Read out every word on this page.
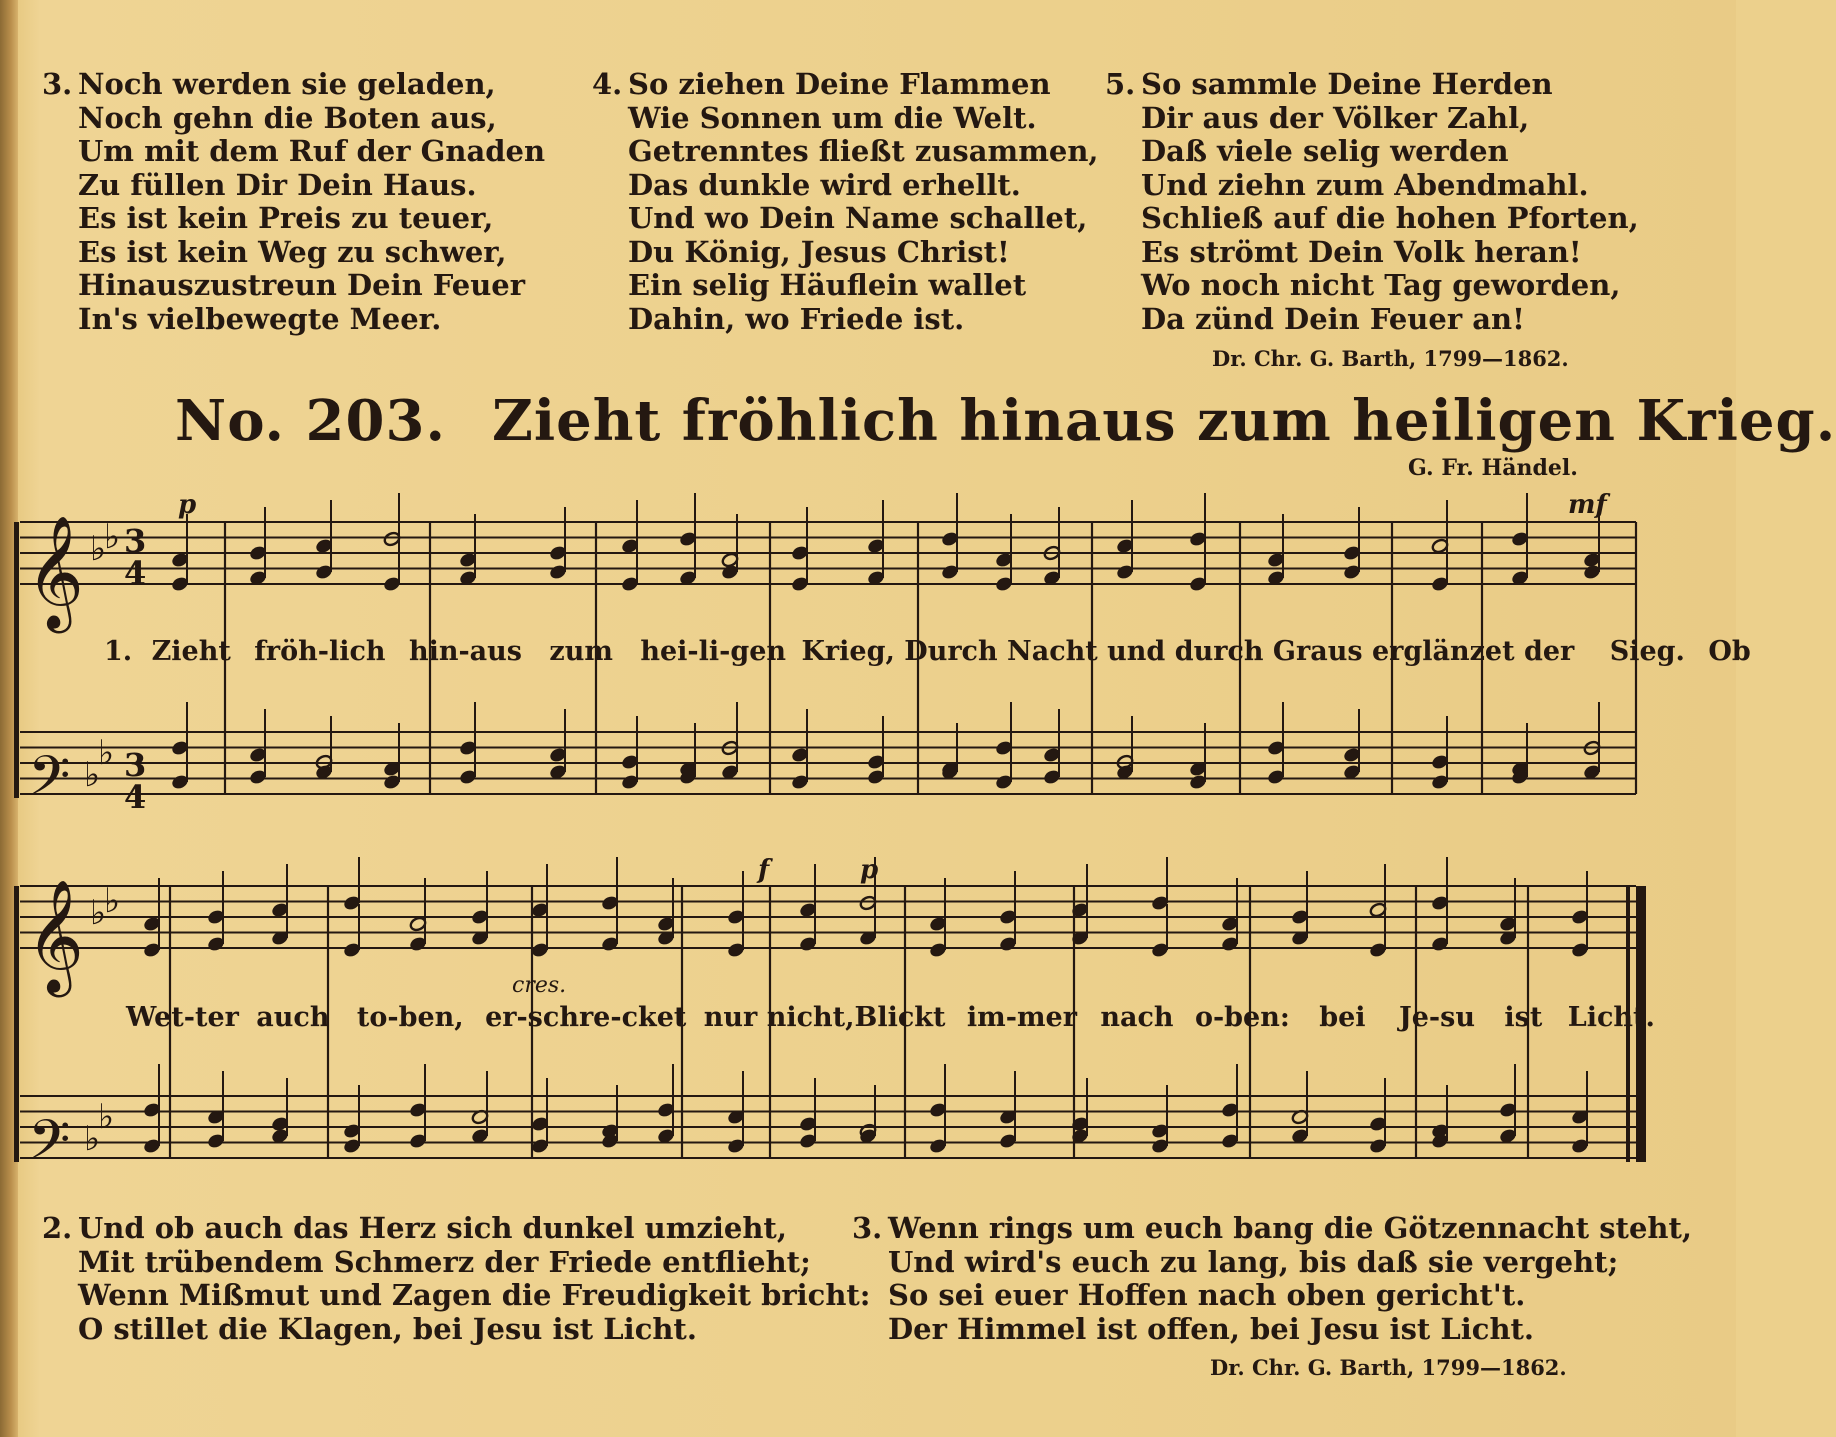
3. Noch werden sie geladen,
Noch gehn die Boten aus,
Um mit dem Ruf der Gnaden
Zu füllen Dir Dein Haus.
Es ist kein Preis zu teuer,
Es ist kein Weg zu schwer,
Hinauszustreun Dein Feuer
In's vielbewegte Meer.
4. So ziehen Deine Flammen
Wie Sonnen um die Welt.
Getrenntes fließt zusammen,
Das dunkle wird erhellt.
Und wo Dein Name schallet,
Du König, Jesus Christ!
Ein selig Häuflein wallet
Dahin, wo Friede ist.
5. So sammle Deine Herden
Dir aus der Völker Zahl,
Daß viele selig werden
Und ziehn zum Abendmahl.
Schließ auf die hohen Pforten,
Es strömt Dein Volk heran!
Wo noch nicht Tag geworden,
Da zünd Dein Feuer an!
Dr. Chr. G. Barth, 1799—1862.
No. 203. Zieht fröhlich hinaus zum heiligen Krieg.
G. Fr. Händel.
𝄞
𝄢
𝄞
𝄢
♭
♭
♭
♭
♭
♭
♭
♭
3
4
3
4
p	mf
f	p
cres.
1. Zieht fröh-lich hin-aus zum hei-li-gen Krieg, Durch Nacht und durch Graus erglänzet der Sieg. Ob
Wet-ter auch to-ben, er-schre-cket nur nicht,Blickt im-mer nach o-ben: bei Je-su ist Licht.
2. Und ob auch das Herz sich dunkel umzieht,
Mit trübendem Schmerz der Friede entflieht;
Wenn Mißmut und Zagen die Freudigkeit bricht:
O stillet die Klagen, bei Jesu ist Licht.
3. Wenn rings um euch bang die Götzennacht steht,
Und wird's euch zu lang, bis daß sie vergeht;
So sei euer Hoffen nach oben gericht't.
Der Himmel ist offen, bei Jesu ist Licht.
Dr. Chr. G. Barth, 1799—1862.
